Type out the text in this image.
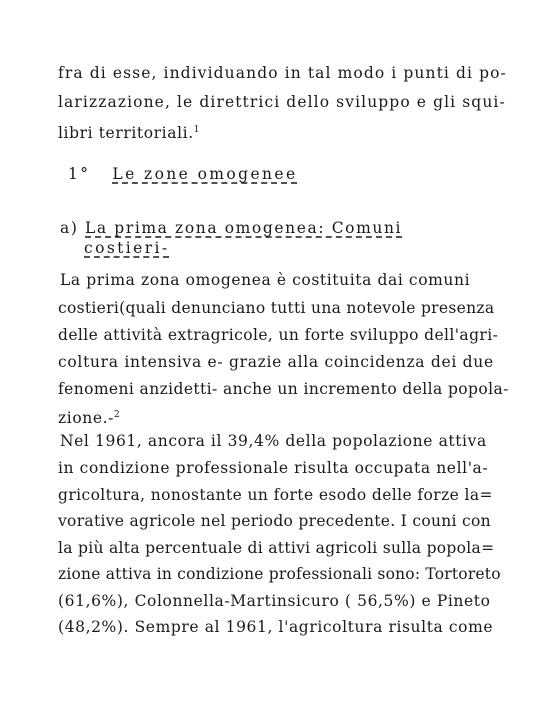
fra di esse, individuando in tal modo i punti di po-
larizzazione, le direttrici dello sviluppo e gli squi-
libri territoriali.$^1$
1° Le zone omogenee
a) La prima zona omogenea: Comuni
costieri-
La prima zona omogenea è costituita dai comuni
costieri(quali denunciano tutti una notevole presenza
delle attività extragricole, un forte sviluppo dell'agri-
coltura intensiva e- grazie alla coincidenza dei due
fenomeni anzidetti- anche un incremento della popola-
zione.-$^2$
Nel 1961, ancora il 39,4% della popolazione attiva
in condizione professionale risulta occupata nell'a-
gricoltura, nonostante un forte esodo delle forze la=
vorative agricole nel periodo precedente. I couni con
la più alta percentuale di attivi agricoli sulla popola=
zione attiva in condizione professionali sono: Tortoreto
(61,6%), Colonnella-Martinsicuro ( 56,5%) e Pineto
(48,2%). Sempre al 1961, l'agricoltura risulta come
